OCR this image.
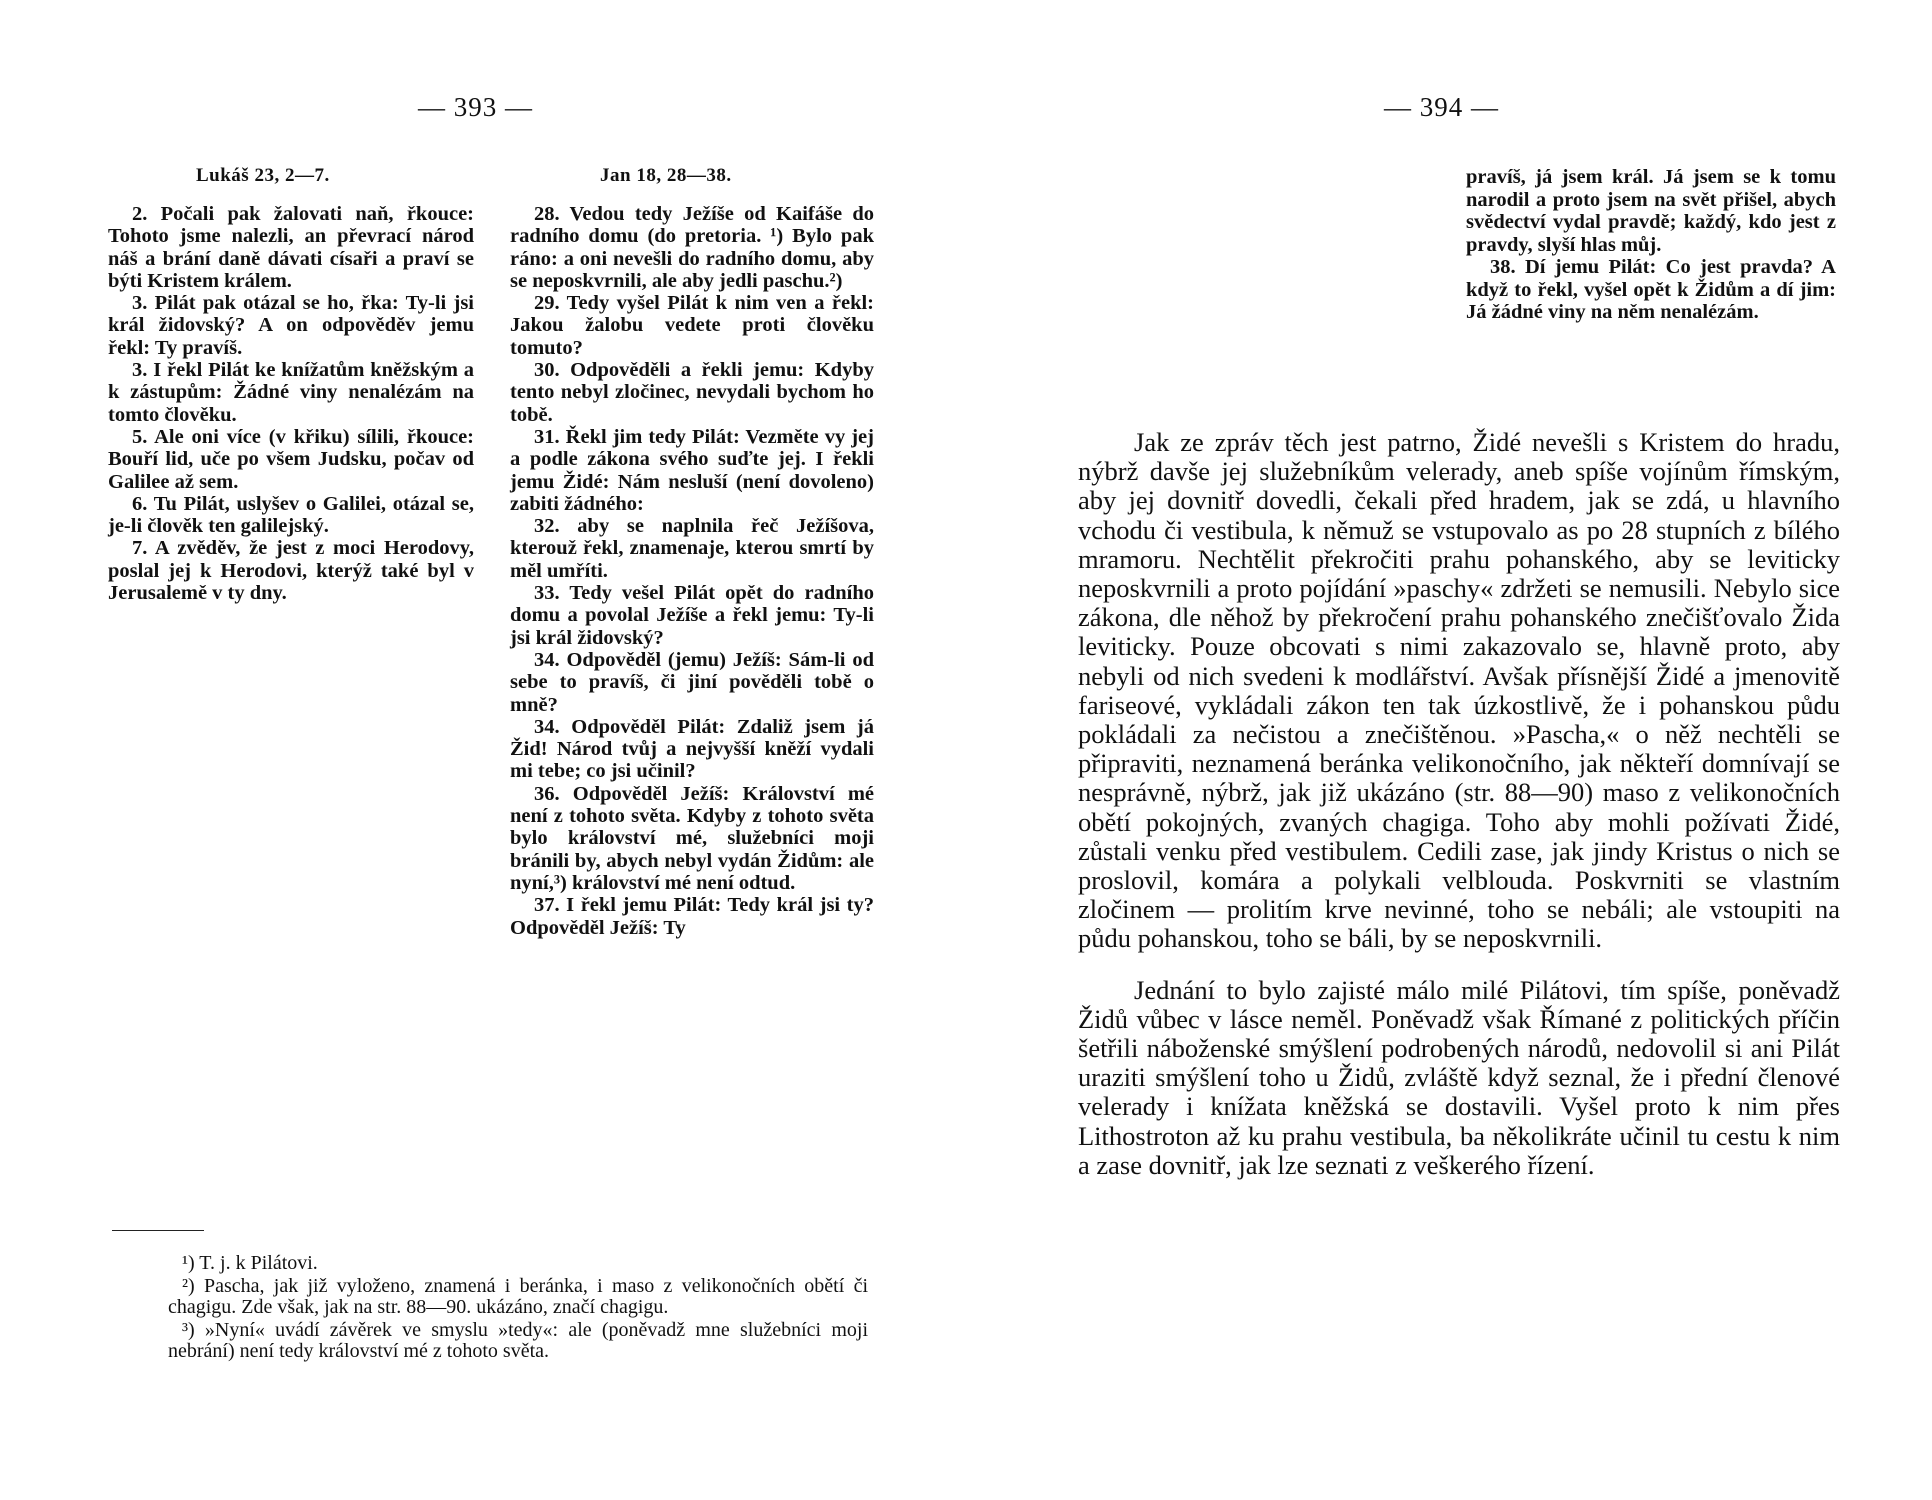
— 393 —
Lukáš 23, 2—7.	Jan 18, 28—38.

2. Počali pak žalovati naň, řkouce: Tohoto jsme nalezli, an převrací národ náš a brání daně dávati císaři a praví se býti Kristem králem.

3. Pilát pak otázal se ho, řka: Ty-li jsi král židovský? A on odpověděv jemu řekl: Ty pravíš.

3. I řekl Pilát ke knížatům kněžským a k zástupům: Žádné viny nenalézám na tomto člověku.

5. Ale oni více (v křiku) sílili, řkouce: Bouří lid, uče po všem Judsku, počav od Galilee až sem.

6. Tu Pilát, uslyšev o Galilei, otázal se, je-li člověk ten galilejský.

7. A zvěděv, že jest z moci Herodovy, poslal jej k Herodovi, kterýž také byl v Jerusalemě v ty dny.

28. Vedou tedy Ježíše od Kaifáše do radního domu (do pretoria. ¹) Bylo pak ráno: a oni nevešli do radního domu, aby se neposkvrnili, ale aby jedli paschu.²)

29. Tedy vyšel Pilát k nim ven a řekl: Jakou žalobu vedete proti člověku tomuto?

30. Odpověděli a řekli jemu: Kdyby tento nebyl zločinec, nevydali bychom ho tobě.

31. Řekl jim tedy Pilát: Vezměte vy jej a podle zákona svého suďte jej. I řekli jemu Židé: Nám nesluší (není dovoleno) zabiti žádného:

32. aby se naplnila řeč Ježíšova, kterouž řekl, znamenaje, kterou smrtí by měl umříti.

33. Tedy vešel Pilát opět do radního domu a povolal Ježíše a řekl jemu: Ty-li jsi král židovský?

34. Odpověděl (jemu) Ježíš: Sám-li od sebe to pravíš, či jiní pověděli tobě o mně?

34. Odpověděl Pilát: Zdaliž jsem já Žid! Národ tvůj a nejvyšší kněží vydali mi tebe; co jsi učinil?

36. Odpověděl Ježíš: Království mé není z tohoto světa. Kdyby z tohoto světa bylo království mé, služebníci moji bránili by, abych nebyl vydán Židům: ale nyní,³) království mé není odtud.

37. I řekl jemu Pilát: Tedy král jsi ty? Odpověděl Ježíš: Ty

¹) T. j. k Pilátovi.

²) Pascha, jak již vyloženo, znamená i beránka, i maso z velikonočních obětí či chagigu. Zde však, jak na str. 88—90. ukázáno, značí chagigu.

³) »Nyní« uvádí závěrek ve smyslu »tedy«: ale (poněvadž mne služebníci moji nebrání) není tedy království mé z tohoto světa.

— 394 —

pravíš, já jsem král. Já jsem se k tomu narodil a proto jsem na svět přišel, abych svědectví vydal pravdě; každý, kdo jest z pravdy, slyší hlas můj.

38. Dí jemu Pilát: Co jest pravda? A když to řekl, vyšel opět k Židům a dí jim: Já žádné viny na něm nenalézám.

Jak ze zpráv těch jest patrno, Židé nevešli s Kristem do hradu, nýbrž davše jej služebníkům velerady, aneb spíše vojínům římským, aby jej dovnitř dovedli, čekali před hradem, jak se zdá, u hlavního vchodu či vestibula, k němuž se vstupovalo as po 28 stupních z bílého mramoru. Nechtělit překročiti prahu pohanského, aby se leviticky neposkvrnili a proto pojídání »paschy« zdržeti se nemusili. Nebylo sice zákona, dle něhož by překročení prahu pohanského znečišťovalo Žida leviticky. Pouze obcovati s nimi zakazovalo se, hlavně proto, aby nebyli od nich svedeni k modlářství. Avšak přísnější Židé a jmenovitě fariseové, vykládali zákon ten tak úzkostlivě, že i pohanskou půdu pokládali za nečistou a znečištěnou. »Pascha,« o něž nechtěli se připraviti, neznamená beránka velikonočního, jak někteří domnívají se nesprávně, nýbrž, jak již ukázáno (str. 88—90) maso z velikonočních obětí pokojných, zvaných chagiga. Toho aby mohli požívati Židé, zůstali venku před vestibulem. Cedili zase, jak jindy Kristus o nich se proslovil, komára a polykali velblouda. Poskvrniti se vlastním zločinem — prolitím krve nevinné, toho se nebáli; ale vstoupiti na půdu pohanskou, toho se báli, by se neposkvrnili.

Jednání to bylo zajisté málo milé Pilátovi, tím spíše, poněvadž Židů vůbec v lásce neměl. Poněvadž však Římané z politických příčin šetřili náboženské smýšlení podrobených národů, nedovolil si ani Pilát uraziti smýšlení toho u Židů, zvláště když seznal, že i přední členové velerady i knížata kněžská se dostavili. Vyšel proto k nim přes Lithostroton až ku prahu vestibula, ba několikráte učinil tu cestu k nim a zase dovnitř, jak lze seznati z veškerého řízení.
